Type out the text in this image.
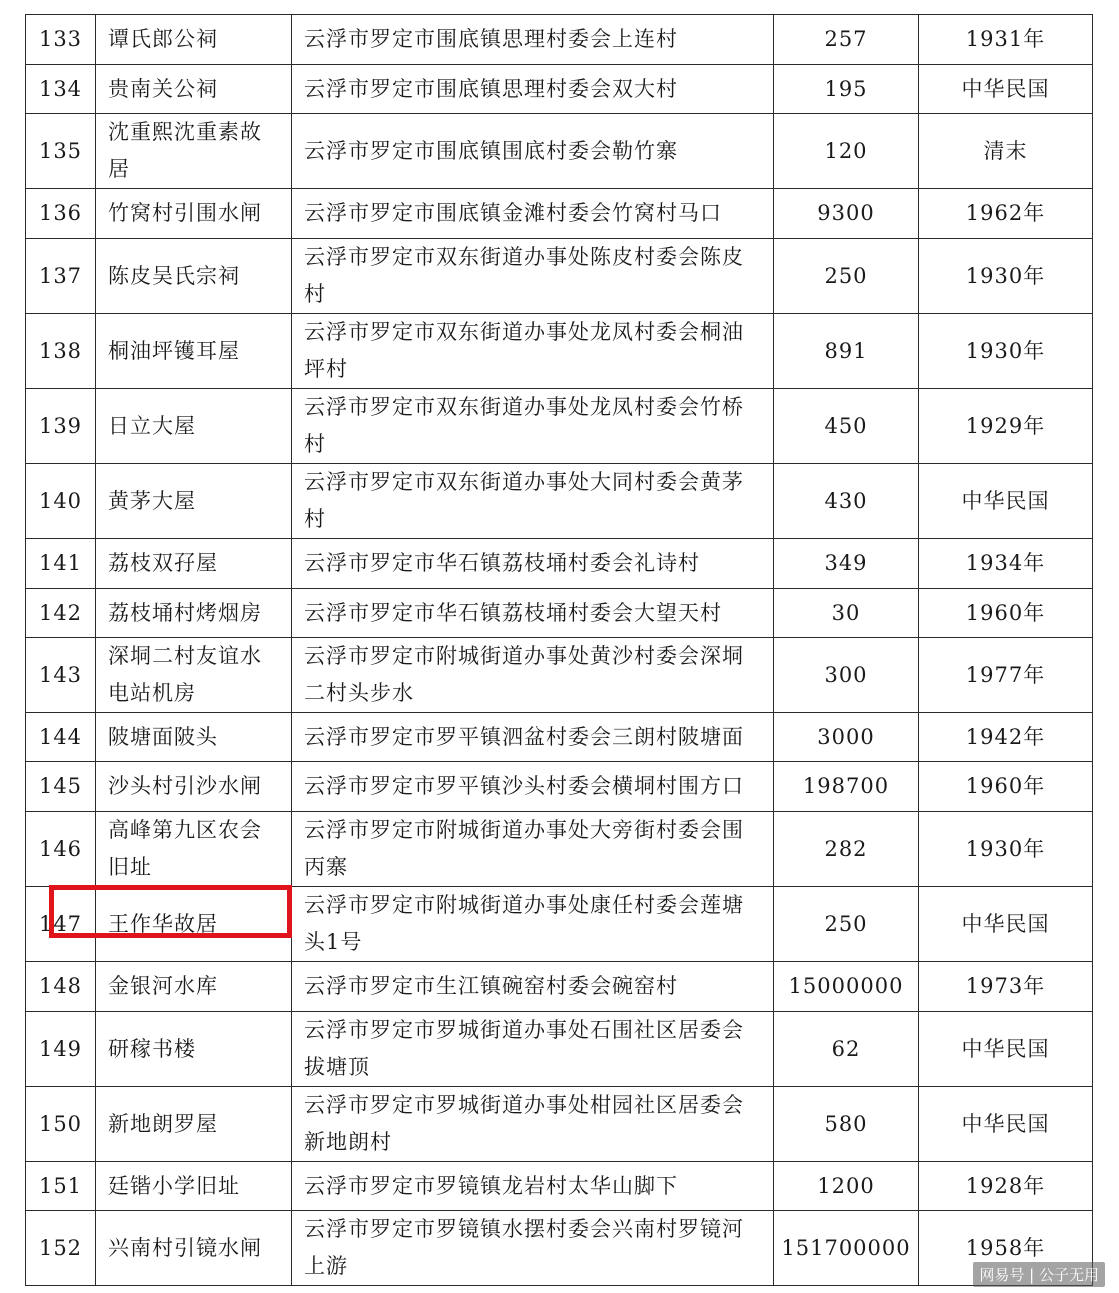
133	谭氏郎公祠	云浮市罗定市围底镇思理村委会上连村	257	1931年
134	贵南关公祠	云浮市罗定市围底镇思理村委会双大村	195	中华民国
135	沈重熙沈重素故居	云浮市罗定市围底镇围底村委会勒竹寨	120	清末
136	竹窝村引围水闸	云浮市罗定市围底镇金滩村委会竹窝村马口	9300	1962年
137	陈皮吴氏宗祠	云浮市罗定市双东街道办事处陈皮村委会陈皮村	250	1930年
138	桐油坪镬耳屋	云浮市罗定市双东街道办事处龙凤村委会桐油坪村	891	1930年
139	日立大屋	云浮市罗定市双东街道办事处龙凤村委会竹桥村	450	1929年
140	黄茅大屋	云浮市罗定市双东街道办事处大同村委会黄茅村	430	中华民国
141	荔枝双孖屋	云浮市罗定市华石镇荔枝埇村委会礼诗村	349	1934年
142	荔枝埇村烤烟房	云浮市罗定市华石镇荔枝埇村委会大望天村	30	1960年
143	深垌二村友谊水电站机房	云浮市罗定市附城街道办事处黄沙村委会深垌二村头步水	300	1977年
144	陂塘面陂头	云浮市罗定市罗平镇泗盆村委会三朗村陂塘面	3000	1942年
145	沙头村引沙水闸	云浮市罗定市罗平镇沙头村委会横垌村围方口	198700	1960年
146	高峰第九区农会旧址	云浮市罗定市附城街道办事处大旁街村委会围丙寨	282	1930年
147	王作华故居	云浮市罗定市附城街道办事处康任村委会莲塘头1号	250	中华民国
148	金银河水库	云浮市罗定市生江镇碗窑村委会碗窑村	15000000	1973年
149	研稼书楼	云浮市罗定市罗城街道办事处石围社区居委会拔塘顶	62	中华民国
150	新地朗罗屋	云浮市罗定市罗城街道办事处柑园社区居委会新地朗村	580	中华民国
151	廷锴小学旧址	云浮市罗定市罗镜镇龙岩村太华山脚下	1200	1928年
152	兴南村引镜水闸	云浮市罗定市罗镜镇水摆村委会兴南村罗镜河上游	151700000	1958年
网易号 | 公子无用
